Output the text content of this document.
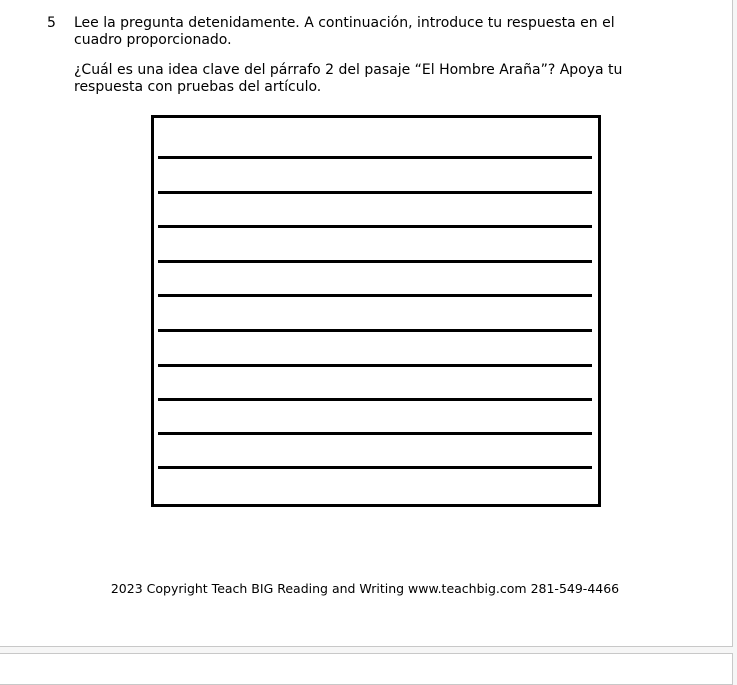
5 Lee la pregunta detenidamente. A continuación, introduce tu respuesta en el cuadro proporcionado.

¿Cuál es una idea clave del párrafo 2 del pasaje “El Hombre Araña”? Apoya tu respuesta con pruebas del artículo.

2023 Copyright Teach BIG Reading and Writing www.teachbig.com 281-549-4466
